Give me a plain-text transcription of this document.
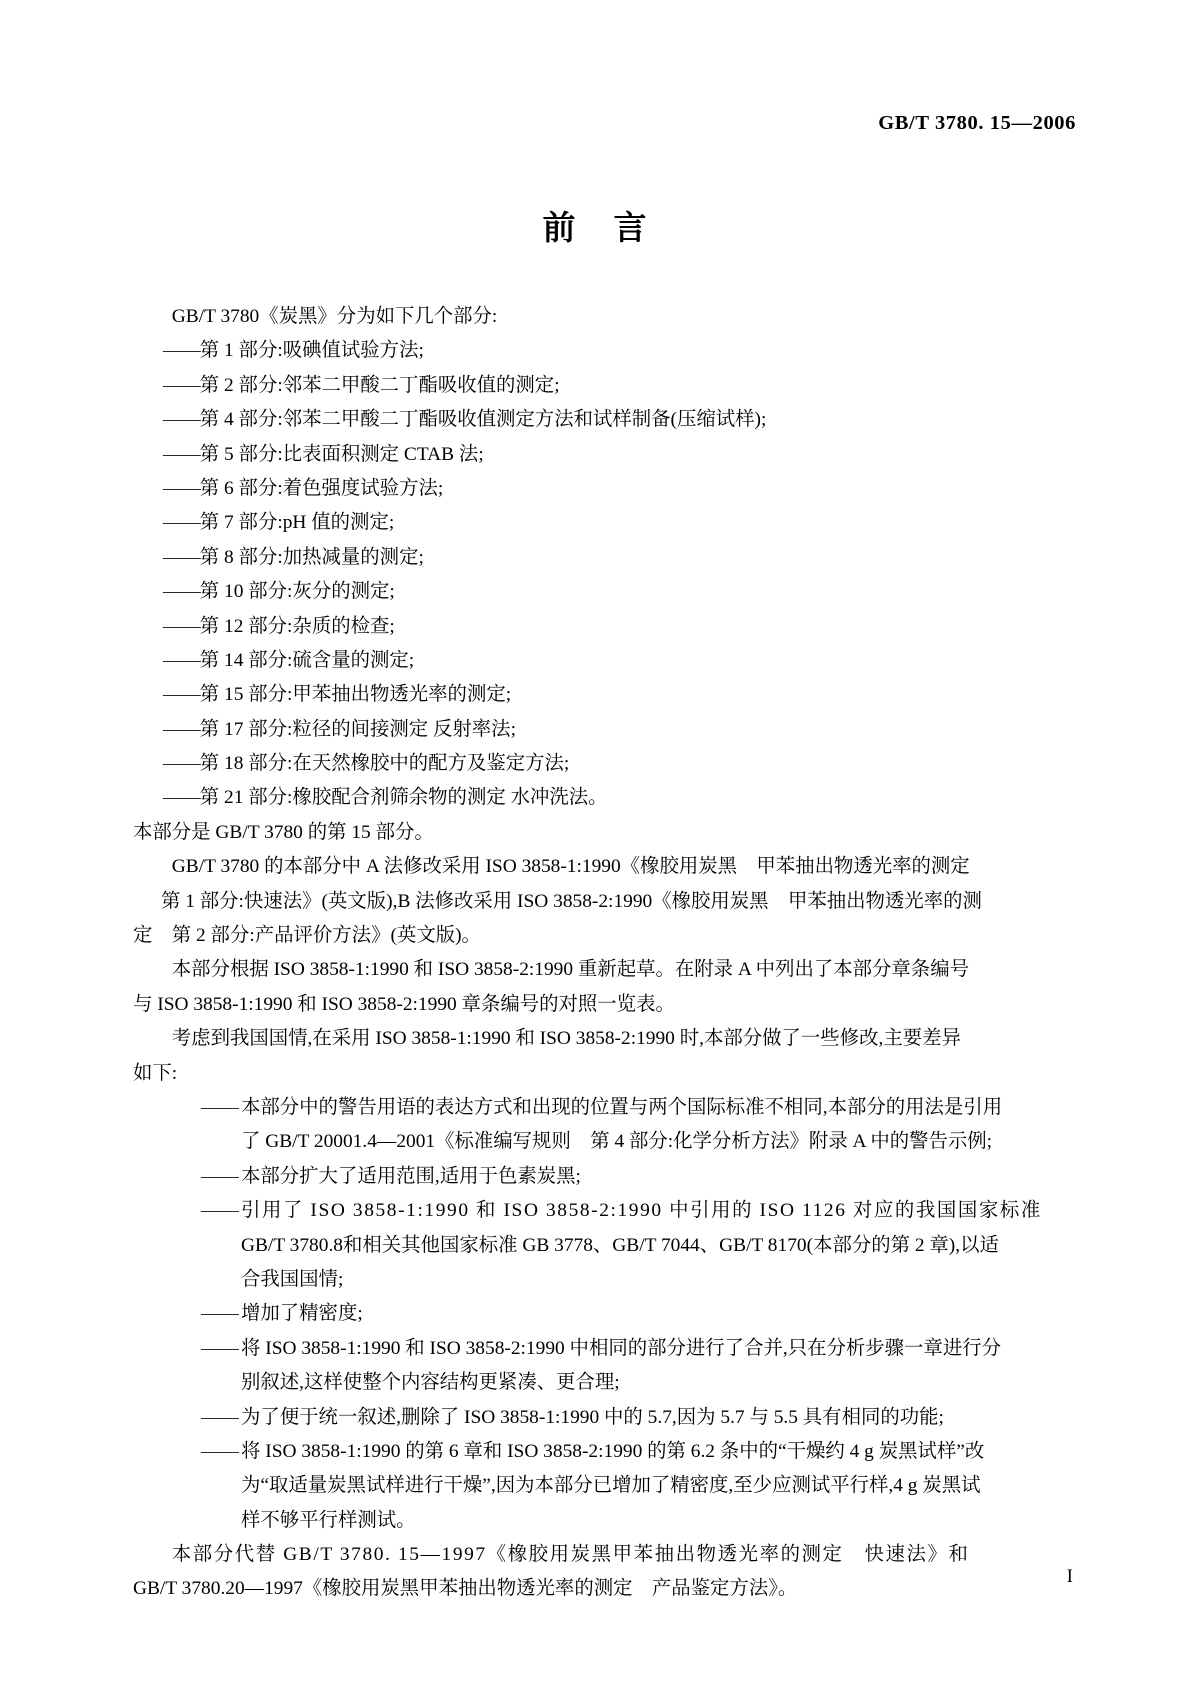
GB/T 3780. 15—2006
前 言
GB/T 3780《炭黑》分为如下几个部分:
——第 1 部分:吸碘值试验方法;
——第 2 部分:邻苯二甲酸二丁酯吸收值的测定;
——第 4 部分:邻苯二甲酸二丁酯吸收值测定方法和试样制备(压缩试样);
——第 5 部分:比表面积测定 CTAB 法;
——第 6 部分:着色强度试验方法;
——第 7 部分:pH 值的测定;
——第 8 部分:加热减量的测定;
——第 10 部分:灰分的测定;
——第 12 部分:杂质的检查;
——第 14 部分:硫含量的测定;
——第 15 部分:甲苯抽出物透光率的测定;
——第 17 部分:粒径的间接测定 反射率法;
——第 18 部分:在天然橡胶中的配方及鉴定方法;
——第 21 部分:橡胶配合剂筛余物的测定 水冲洗法。
本部分是 GB/T 3780 的第 15 部分。
GB/T 3780 的本部分中 A 法修改采用 ISO 3858-1:1990《橡胶用炭黑　甲苯抽出物透光率的测定
第 1 部分:快速法》(英文版),B 法修改采用 ISO 3858-2:1990《橡胶用炭黑　甲苯抽出物透光率的测
定　第 2 部分:产品评价方法》(英文版)。
本部分根据 ISO 3858-1:1990 和 ISO 3858-2:1990 重新起草。在附录 A 中列出了本部分章条编号
与 ISO 3858-1:1990 和 ISO 3858-2:1990 章条编号的对照一览表。
考虑到我国国情,在采用 ISO 3858-1:1990 和 ISO 3858-2:1990 时,本部分做了一些修改,主要差异
如下:
—— 本部分中的警告用语的表达方式和出现的位置与两个国际标准不相同,本部分的用法是引用
了 GB/T 20001.4—2001《标准编写规则　第 4 部分:化学分析方法》附录 A 中的警告示例;
—— 本部分扩大了适用范围,适用于色素炭黑;
—— 引用了 ISO 3858-1:1990 和 ISO 3858-2:1990 中引用的 ISO 1126 对应的我国国家标准
GB/T 3780.8和相关其他国家标准 GB 3778、GB/T 7044、GB/T 8170(本部分的第 2 章),以适
合我国国情;
—— 增加了精密度;
—— 将 ISO 3858-1:1990 和 ISO 3858-2:1990 中相同的部分进行了合并,只在分析步骤一章进行分
别叙述,这样使整个内容结构更紧凑、更合理;
—— 为了便于统一叙述,删除了 ISO 3858-1:1990 中的 5.7,因为 5.7 与 5.5 具有相同的功能;
—— 将 ISO 3858-1:1990 的第 6 章和 ISO 3858-2:1990 的第 6.2 条中的“干燥约 4 g 炭黑试样”改
为“取适量炭黑试样进行干燥”,因为本部分已增加了精密度,至少应测试平行样,4 g 炭黑试
样不够平行样测试。
本部分代替 GB/T 3780. 15—1997《橡胶用炭黑甲苯抽出物透光率的测定　快速法》和
GB/T 3780.20—1997《橡胶用炭黑甲苯抽出物透光率的测定　产品鉴定方法》。
I
